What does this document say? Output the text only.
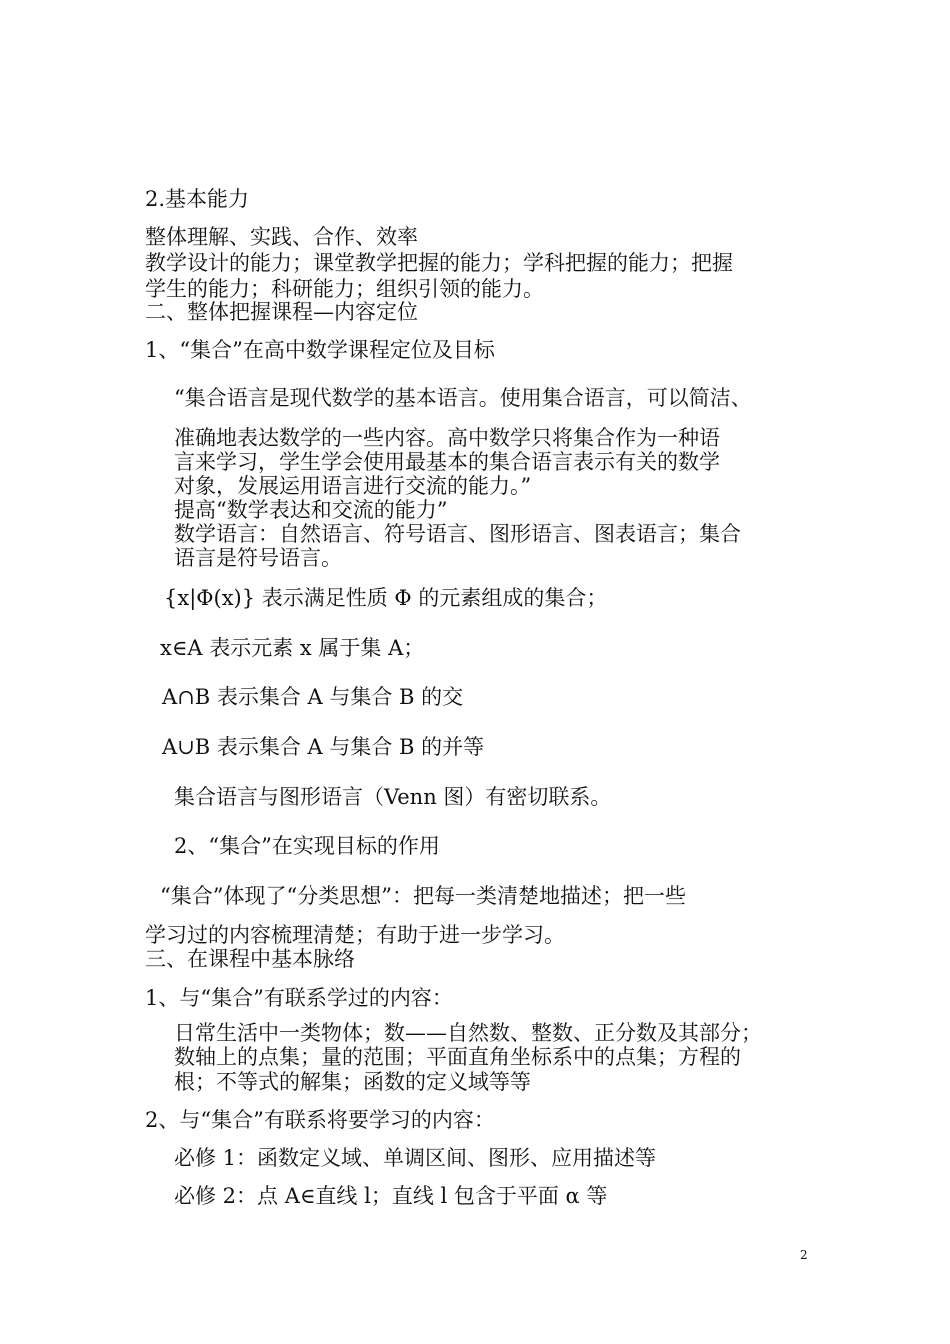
2.基本能力
整体理解、实践、合作、效率
教学设计的能力；课堂教学把握的能力；学科把握的能力；把握
学生的能力；科研能力；组织引领的能力。
二、整体把握课程—内容定位
1、“集合”在高中数学课程定位及目标
“集合语言是现代数学的基本语言。使用集合语言，可以简洁、
准确地表达数学的一些内容。高中数学只将集合作为一种语
言来学习，学生学会使用最基本的集合语言表示有关的数学
对象，发展运用语言进行交流的能力。”
提高“数学表达和交流的能力”
数学语言：自然语言、符号语言、图形语言、图表语言；集合
语言是符号语言。
{x|Φ(x)} 表示满足性质 Φ 的元素组成的集合；
x∈A 表示元素 x 属于集 A；
A∩B 表示集合 A 与集合 B 的交
A∪B 表示集合 A 与集合 B 的并等
集合语言与图形语言（Venn 图）有密切联系。
2、“集合”在实现目标的作用
“集合”体现了“分类思想”：把每一类清楚地描述；把一些
学习过的内容梳理清楚；有助于进一步学习。
三、在课程中基本脉络
1、与“集合”有联系学过的内容：
日常生活中一类物体；数——自然数、整数、正分数及其部分；
数轴上的点集；量的范围；平面直角坐标系中的点集；方程的
根；不等式的解集；函数的定义域等等
2、与“集合”有联系将要学习的内容：
必修 1：函数定义域、单调区间、图形、应用描述等
必修 2：点 A∈直线 l；直线 l 包含于平面 α 等
2
